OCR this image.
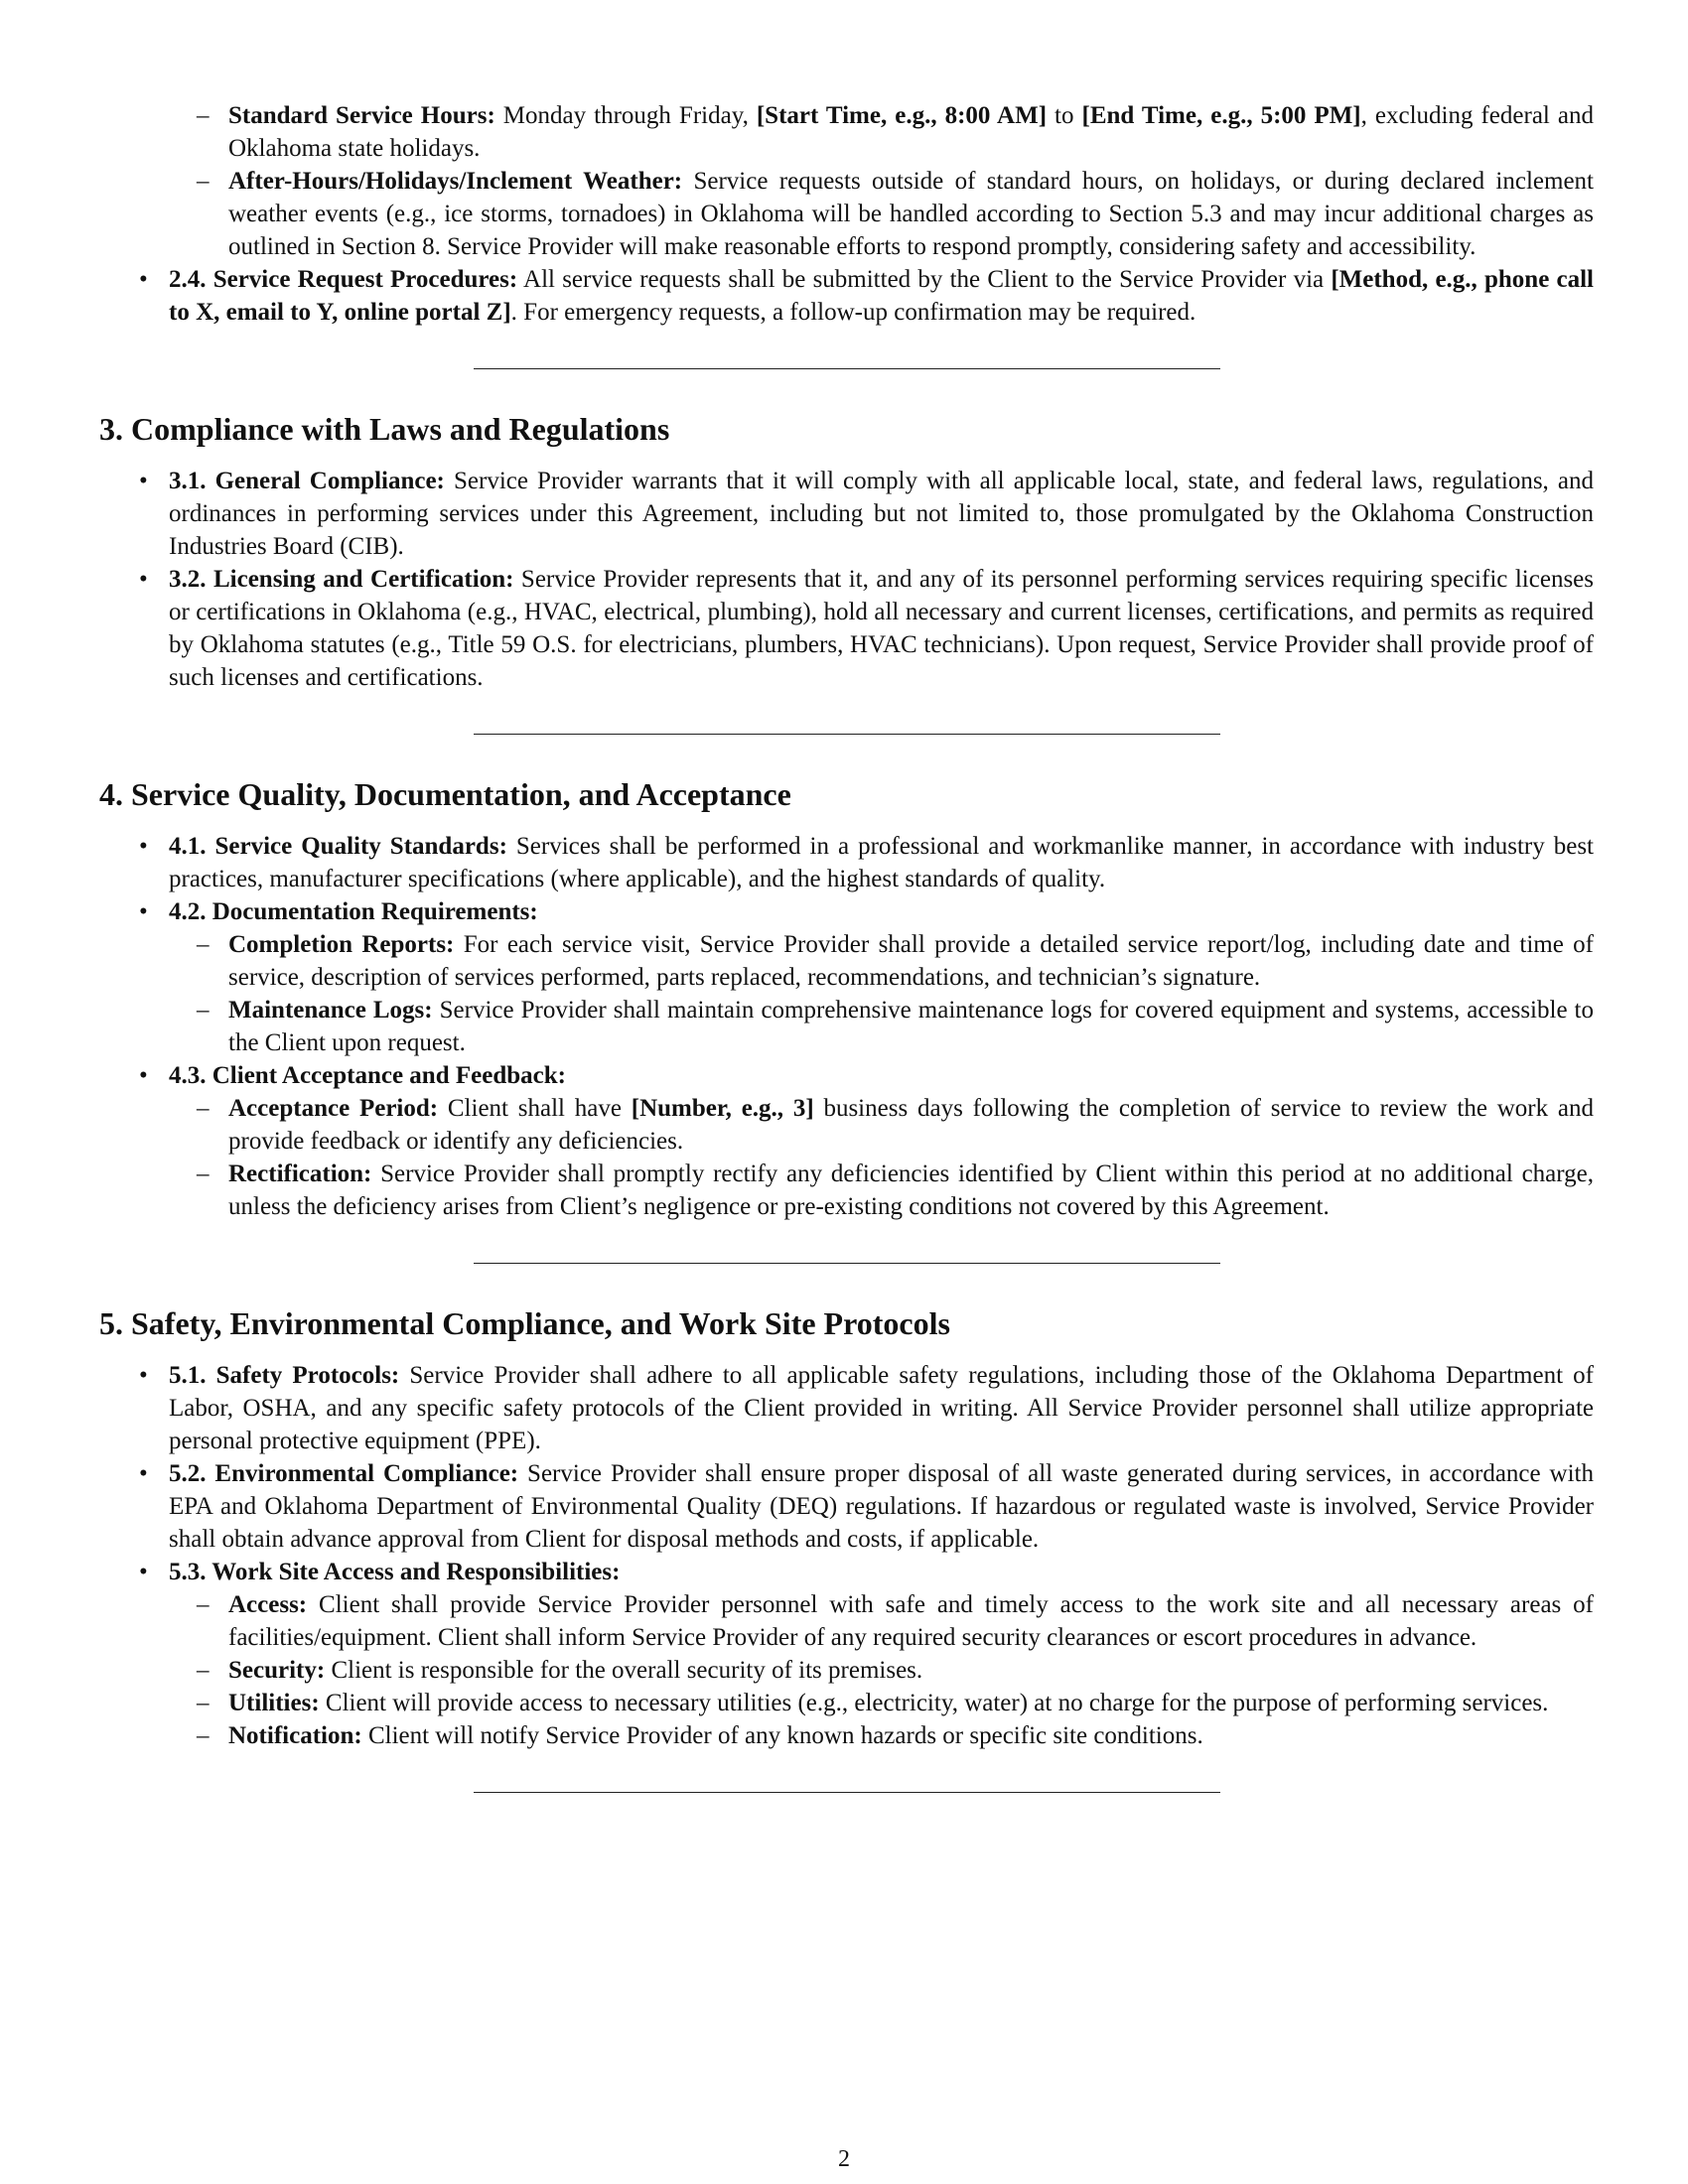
– Standard Service Hours: Monday through Friday, [Start Time, e.g., 8:00 AM] to [End Time, e.g., 5:00 PM], excluding federal and Oklahoma state holidays.
– After-Hours/Holidays/Inclement Weather: Service requests outside of standard hours, on holidays, or during declared inclement weather events (e.g., ice storms, tornadoes) in Oklahoma will be handled according to Section 5.3 and may incur additional charges as outlined in Section 8. Service Provider will make reasonable efforts to respond promptly, considering safety and accessibility.
• 2.4. Service Request Procedures: All service requests shall be submitted by the Client to the Service Provider via [Method, e.g., phone call to X, email to Y, online portal Z]. For emergency requests, a follow-up confirmation may be required.
3. Compliance with Laws and Regulations
• 3.1. General Compliance: Service Provider warrants that it will comply with all applicable local, state, and federal laws, regulations, and ordinances in performing services under this Agreement, including but not limited to, those promulgated by the Oklahoma Construction Industries Board (CIB).
• 3.2. Licensing and Certification: Service Provider represents that it, and any of its personnel performing services requiring specific licenses or certifications in Oklahoma (e.g., HVAC, electrical, plumbing), hold all necessary and current licenses, certifications, and permits as required by Oklahoma statutes (e.g., Title 59 O.S. for electricians, plumbers, HVAC technicians). Upon request, Service Provider shall provide proof of such licenses and certifications.
4. Service Quality, Documentation, and Acceptance
• 4.1. Service Quality Standards: Services shall be performed in a professional and workmanlike manner, in accordance with industry best practices, manufacturer specifications (where applicable), and the highest standards of quality.
• 4.2. Documentation Requirements:
– Completion Reports: For each service visit, Service Provider shall provide a detailed service report/log, including date and time of service, description of services performed, parts replaced, recommendations, and technician’s signature.
– Maintenance Logs: Service Provider shall maintain comprehensive maintenance logs for covered equipment and systems, accessible to the Client upon request.
• 4.3. Client Acceptance and Feedback:
– Acceptance Period: Client shall have [Number, e.g., 3] business days following the completion of service to review the work and provide feedback or identify any deficiencies.
– Rectification: Service Provider shall promptly rectify any deficiencies identified by Client within this period at no additional charge, unless the deficiency arises from Client’s negligence or pre-existing conditions not covered by this Agreement.
5. Safety, Environmental Compliance, and Work Site Protocols
• 5.1. Safety Protocols: Service Provider shall adhere to all applicable safety regulations, including those of the Oklahoma Department of Labor, OSHA, and any specific safety protocols of the Client provided in writing. All Service Provider personnel shall utilize appropriate personal protective equipment (PPE).
• 5.2. Environmental Compliance: Service Provider shall ensure proper disposal of all waste generated during services, in accordance with EPA and Oklahoma Department of Environmental Quality (DEQ) regulations. If hazardous or regulated waste is involved, Service Provider shall obtain advance approval from Client for disposal methods and costs, if applicable.
• 5.3. Work Site Access and Responsibilities:
– Access: Client shall provide Service Provider personnel with safe and timely access to the work site and all necessary areas of facilities/equipment. Client shall inform Service Provider of any required security clearances or escort procedures in advance.
– Security: Client is responsible for the overall security of its premises.
– Utilities: Client will provide access to necessary utilities (e.g., electricity, water) at no charge for the purpose of performing services.
– Notification: Client will notify Service Provider of any known hazards or specific site conditions.
2
